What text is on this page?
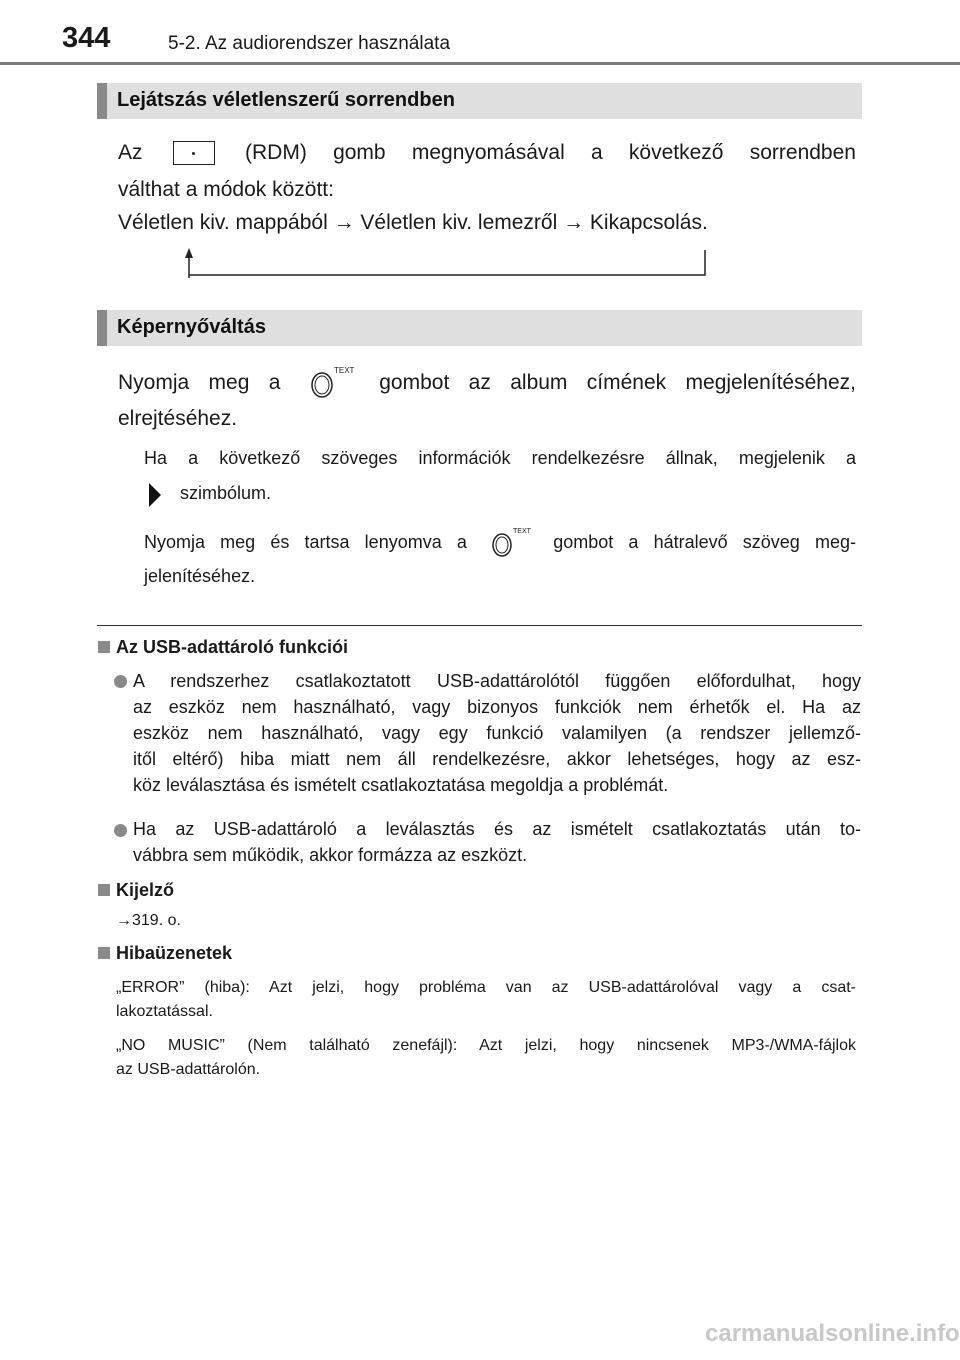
344	5-2. Az audiorendszer használata
Lejátszás véletlenszerű sorrendben
Az	(RDM) gomb megnyomásával a következő sorrendben
válthat a módok között:
Véletlen kiv. mappából → Véletlen kiv. lemezről → Kikapcsolás.
Képernyőváltás
Nyomja meg a
TEXT
gombot az album címének megjelenítéséhez,
elrejtéséhez.
Ha a következő szöveges információk rendelkezésre állnak, megjelenik a
szimbólum.
Nyomja meg és tartsa lenyomva a
TEXT
gombot a hátralevő szöveg meg-
jelenítéséhez.
Az USB-adattároló funkciói
A rendszerhez csatlakoztatott USB-adattárolótól függően előfordulhat, hogy
az eszköz nem használható, vagy bizonyos funkciók nem érhetők el. Ha az
eszköz nem használható, vagy egy funkció valamilyen (a rendszer jellemző-
itől eltérő) hiba miatt nem áll rendelkezésre, akkor lehetséges, hogy az esz-
köz leválasztása és ismételt csatlakoztatása megoldja a problémát.
Ha az USB-adattároló a leválasztás és az ismételt csatlakoztatás után to-
vábbra sem működik, akkor formázza az eszközt.
Kijelző
→319. o.
Hibaüzenetek
„ERROR” (hiba): Azt jelzi, hogy probléma van az USB-adattárolóval vagy a csat-
lakoztatással.
„NO MUSIC” (Nem található zenefájl): Azt jelzi, hogy nincsenek MP3-/WMA-fájlok
az USB-adattárolón.
carmanualsonline.info
